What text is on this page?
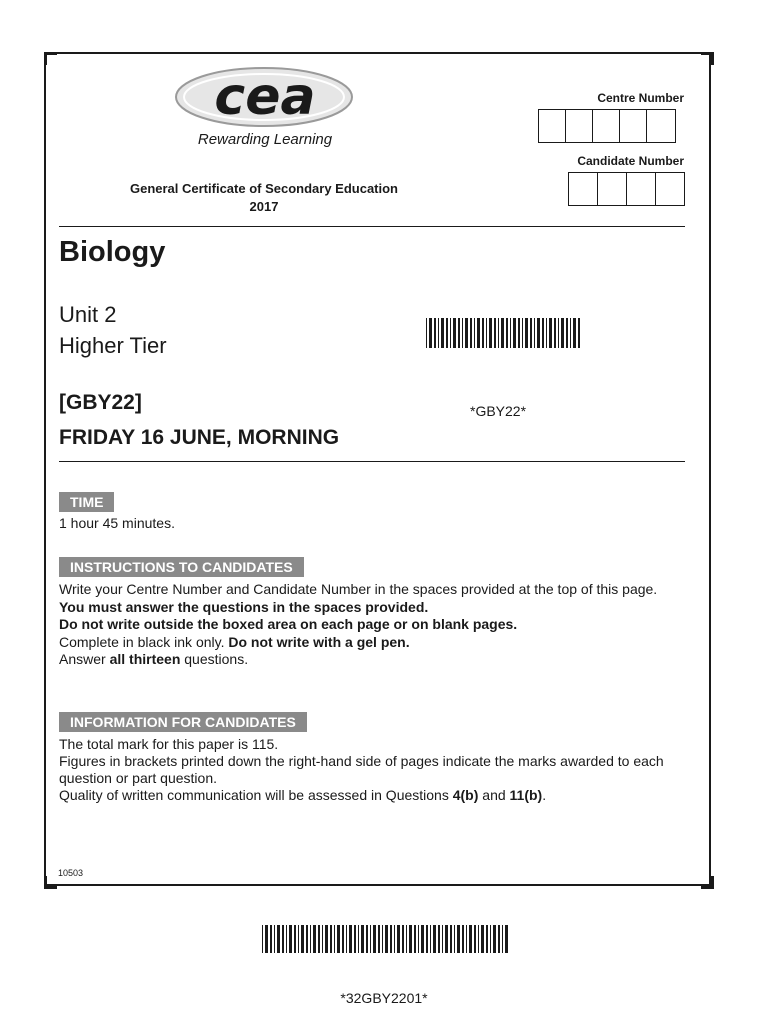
cea
Rewarding Learning
Centre Number
Candidate Number
General Certificate of Secondary Education
2017
Biology
Unit 2
Higher Tier
[GBY22]	*GBY22*
FRIDAY 16 JUNE, MORNING
TIME
1 hour 45 minutes.
INSTRUCTIONS TO CANDIDATES
Write your Centre Number and Candidate Number in the spaces provided at the top of this page.
You must answer the questions in the spaces provided.
Do not write outside the boxed area on each page or on blank pages.
Complete in black ink only. Do not write with a gel pen.
Answer all thirteen questions.
INFORMATION FOR CANDIDATES
The total mark for this paper is 115.
Figures in brackets printed down the right-hand side of pages indicate the marks awarded to each question or part question.
Quality of written communication will be assessed in Questions 4(b) and 11(b).
10503
*32GBY2201*
